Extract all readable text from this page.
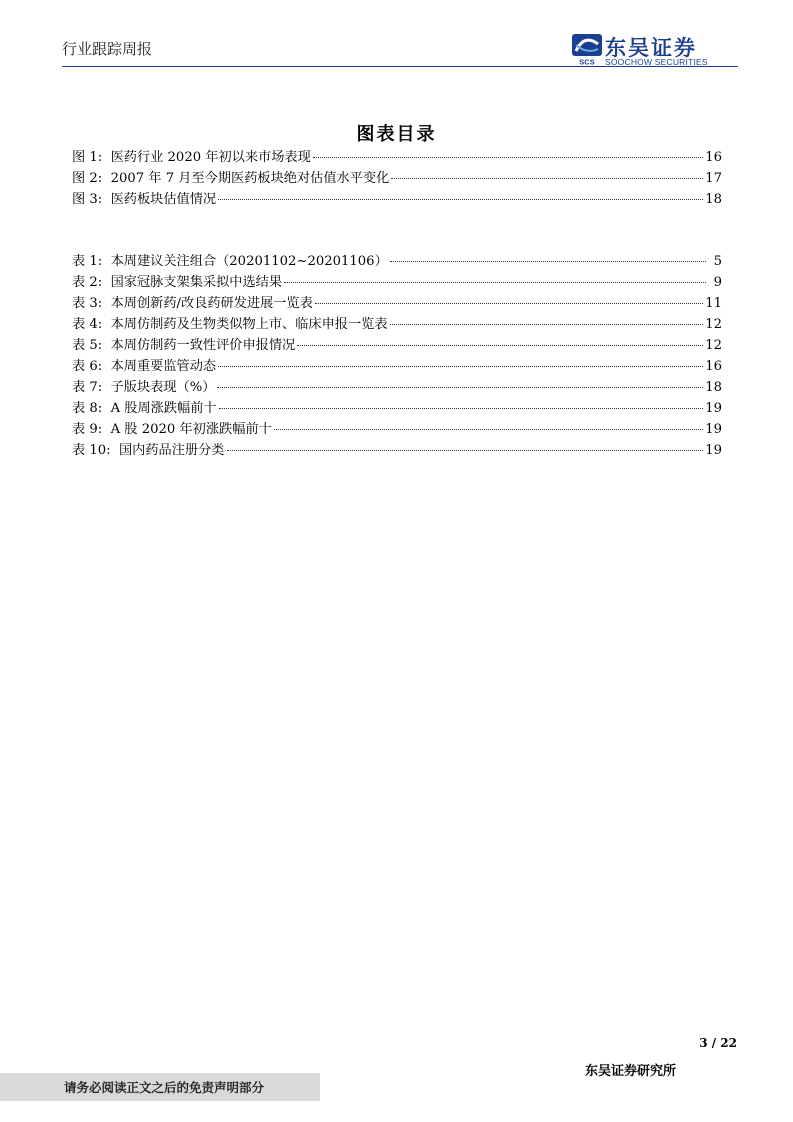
行业跟踪周报
SCS
东吴证券
SOOCHOW SECURITIES
图表目录
图 1:  医药行业 2020 年初以来市场表现	16
图 2:  2007 年 7 月至今期医药板块绝对估值水平变化	17
图 3:  医药板块估值情况	18
表 1:  本周建议关注组合（20201102~20201106）	5
表 2:  国家冠脉支架集采拟中选结果	9
表 3:  本周创新药/改良药研发进展一览表	11
表 4:  本周仿制药及生物类似物上市、临床申报一览表	12
表 5:  本周仿制药一致性评价申报情况	12
表 6:  本周重要监管动态	16
表 7:  子版块表现（%）	18
表 8:  A 股周涨跌幅前十	19
表 9:  A 股 2020 年初涨跌幅前十	19
表 10:  国内药品注册分类	19
3 / 22
请务必阅读正文之后的免责声明部分
东吴证券研究所
